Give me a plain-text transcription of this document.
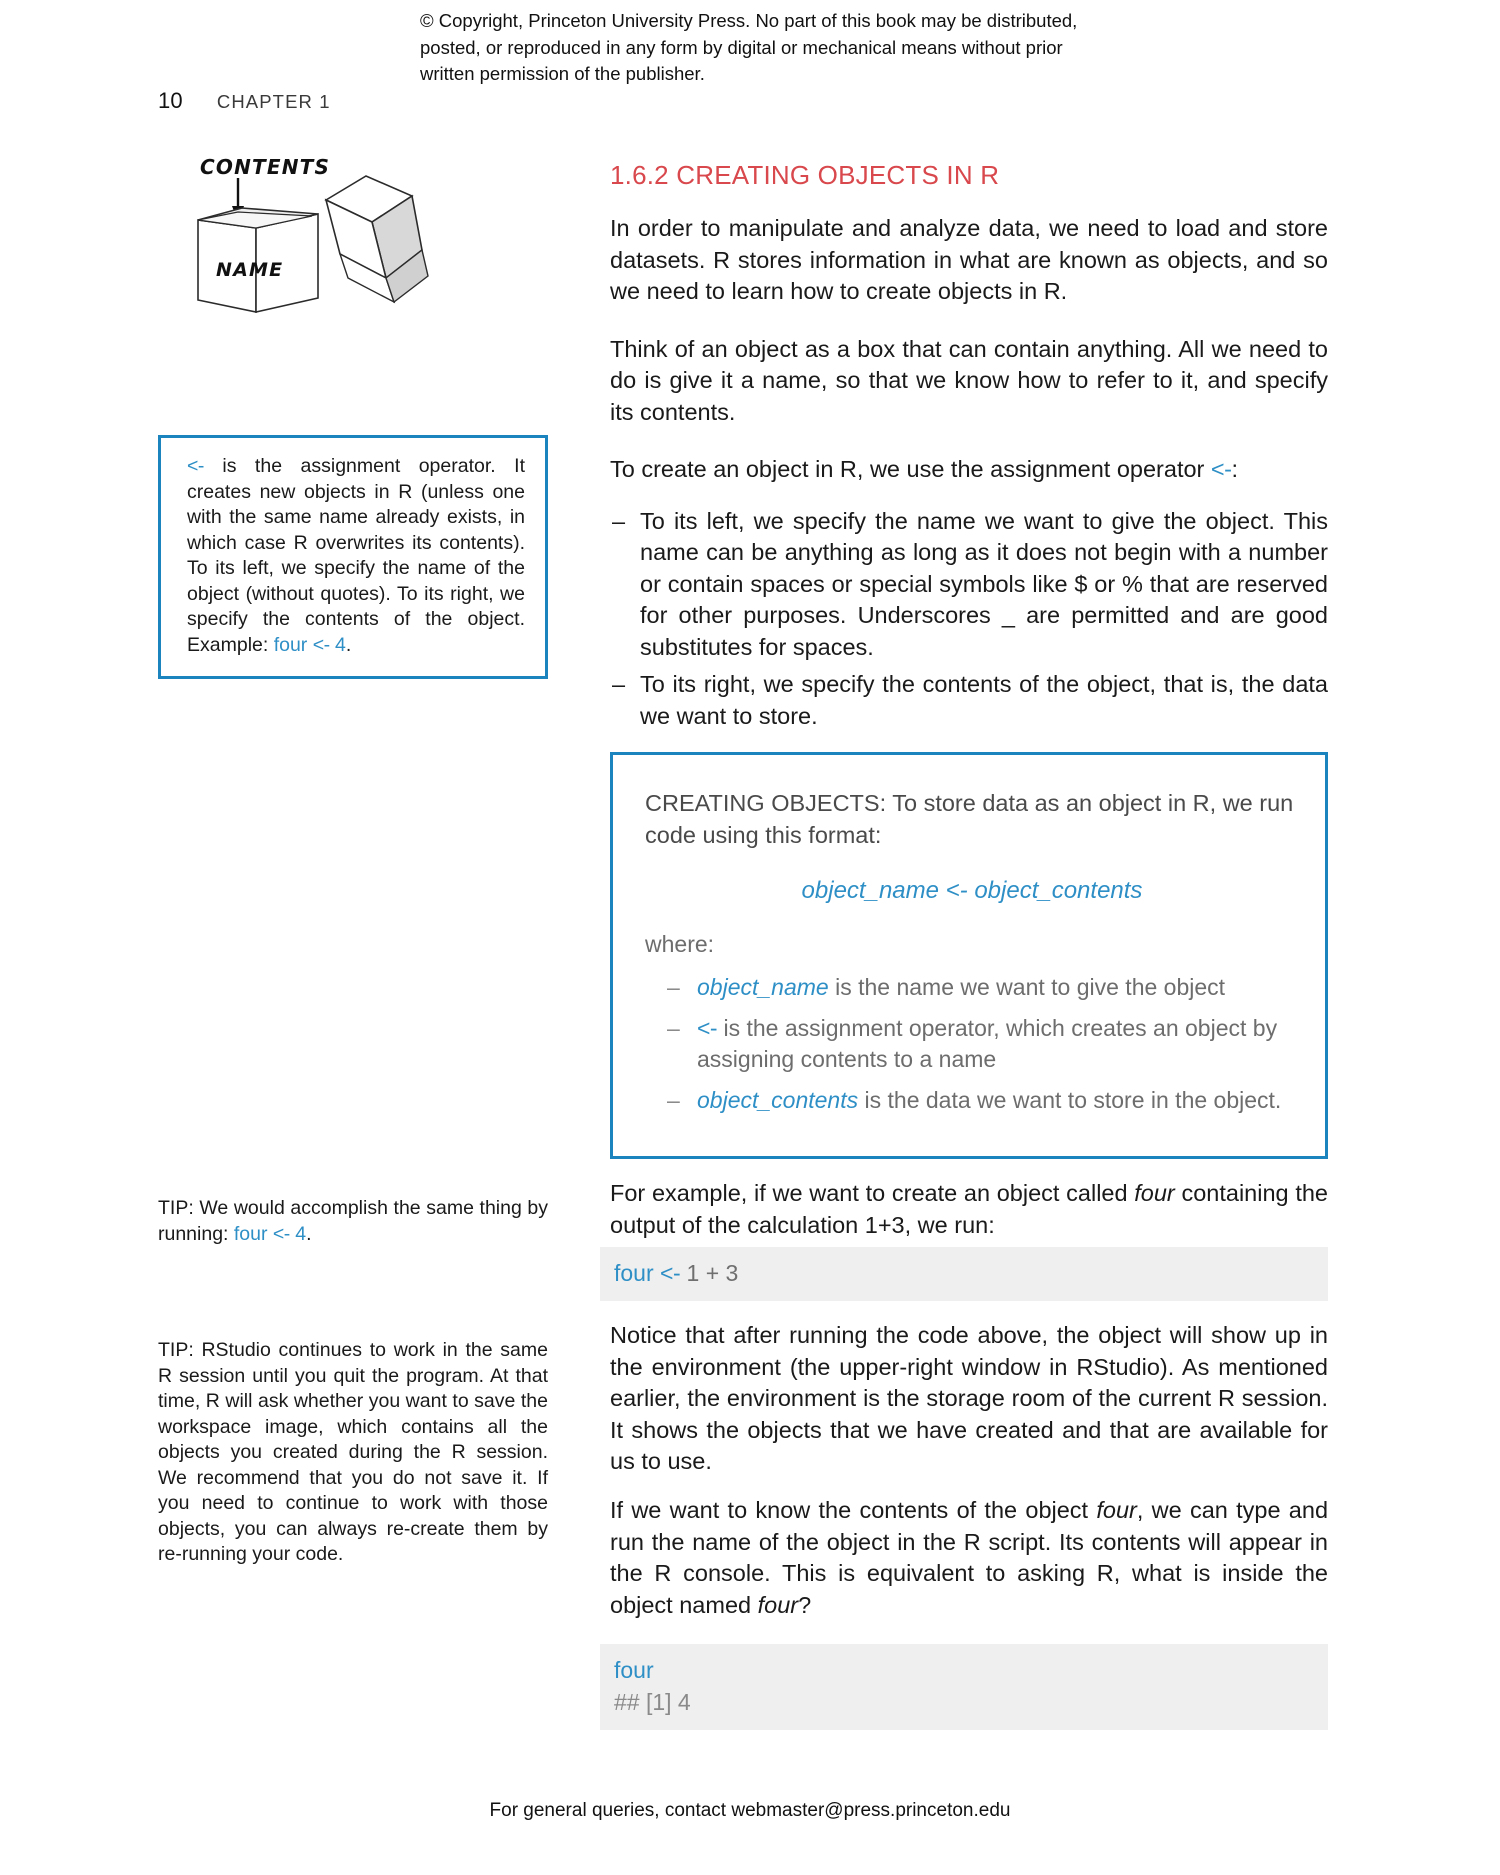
© Copyright, Princeton University Press. No part of this book may be distributed, posted, or reproduced in any form by digital or mechanical means without prior written permission of the publisher.
10 CHAPTER 1
CONTENTS
NAME
<- is the assignment operator. It creates new objects in R (unless one with the same name already exists, in which case R overwrites its contents). To its left, we specify the name of the object (without quotes). To its right, we specify the contents of the object. Example: four <- 4.
TIP: We would accomplish the same thing by running: four <- 4.
TIP: RStudio continues to work in the same R session until you quit the program. At that time, R will ask whether you want to save the workspace image, which contains all the objects you created during the R session. We recommend that you do not save it. If you need to continue to work with those objects, you can always re-create them by re-running your code.
1.6.2 CREATING OBJECTS IN R

In order to manipulate and analyze data, we need to load and store datasets. R stores information in what are known as objects, and so we need to learn how to create objects in R.

Think of an object as a box that can contain anything. All we need to do is give it a name, so that we know how to refer to it, and specify its contents.

To create an object in R, we use the assignment operator <-:

– To its left, we specify the name we want to give the object. This name can be anything as long as it does not begin with a number or contain spaces or special symbols like $ or % that are reserved for other purposes. Underscores _ are permitted and are good substitutes for spaces.
– To its right, we specify the contents of the object, that is, the data we want to store.

CREATING OBJECTS: To store data as an object in R, we run code using this format:

object_name <- object_contents

where:

– object_name is the name we want to give the object
– <- is the assignment operator, which creates an object by assigning contents to a name
– object_contents is the data we want to store in the object.

For example, if we want to create an object called four containing the output of the calculation 1+3, we run:

four <- 1 + 3

Notice that after running the code above, the object will show up in the environment (the upper-right window in RStudio). As mentioned earlier, the environment is the storage room of the current R session. It shows the objects that we have created and that are available for us to use.

If we want to know the contents of the object four, we can type and run the name of the object in the R script. Its contents will appear in the R console. This is equivalent to asking R, what is inside the object named four?

four
## [1] 4
For general queries, contact webmaster@press.princeton.edu
